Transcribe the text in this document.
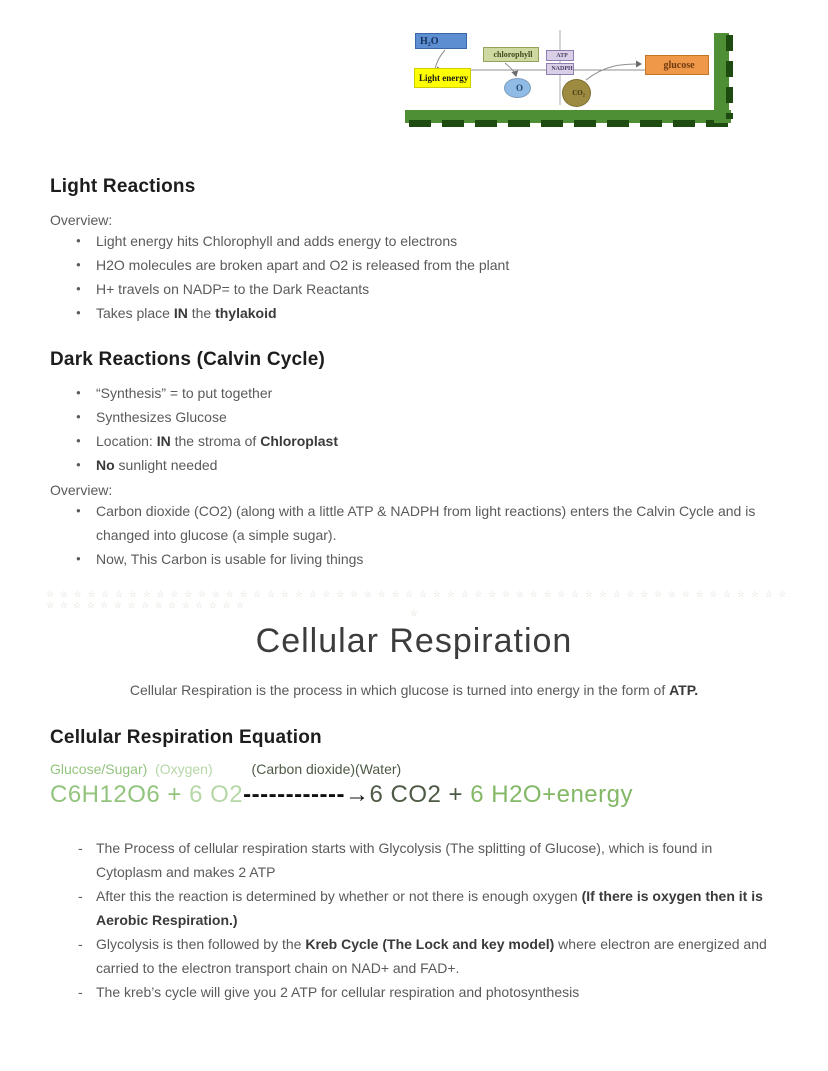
H₂O
Light energy
chlorophyll	ATP
NADPH
O	CO₂
glucose
Light Reactions
Overview:
● Light energy hits Chlorophyll and adds energy to electrons
● H2O molecules are broken apart and O2 is released from the plant
● H+ travels on NADP= to the Dark Reactants
● Takes place IN the thylakoid
Dark Reactions (Calvin Cycle)
● “Synthesis” = to put together
● Synthesizes Glucose
● Location: IN the stroma of Chloroplast
● No sunlight needed
Overview:
● Carbon dioxide (CO2) (along with a little ATP & NADPH from light reactions) enters the Calvin Cycle and is changed into glucose (a simple sugar).
● Now, This Carbon is usable for living things
☆ ☆ ☆ ☆ ☆ ☆ ☆ ☆ ☆ ☆ ☆ ☆ ☆ ☆ ☆ ☆ ☆ ☆ ☆ ☆ ☆ ☆ ☆ ☆ ☆ ☆ ☆ ☆ ☆ ☆ ☆ ☆ ☆ ☆ ☆ ☆ ☆ ☆ ☆ ☆ ☆ ☆ ☆ ☆ ☆ ☆ ☆ ☆ ☆ ☆ ☆ ☆ ☆ ☆ ☆ ☆ ☆ ☆ ☆ ☆ ☆ ☆ ☆ ☆ ☆ ☆ ☆ ☆ ☆
☆
Cellular Respiration
Cellular Respiration is the process in which glucose is turned into energy in the form of ATP.
Cellular Respiration Equation
Glucose/Sugar) (Oxygen)	(Carbon dioxide)(Water)
C6H12O6 + 6 O2------------→6 CO2 + 6 H2O+energy
- The Process of cellular respiration starts with Glycolysis (The splitting of Glucose), which is found in Cytoplasm and makes 2 ATP
- After this the reaction is determined by whether or not there is enough oxygen (If there is oxygen then it is Aerobic Respiration.)
- Glycolysis is then followed by the Kreb Cycle (The Lock and key model) where electron are energized and carried to the electron transport chain on NAD+ and FAD+.
- The kreb’s cycle will give you 2 ATP for cellular respiration and photosynthesis
